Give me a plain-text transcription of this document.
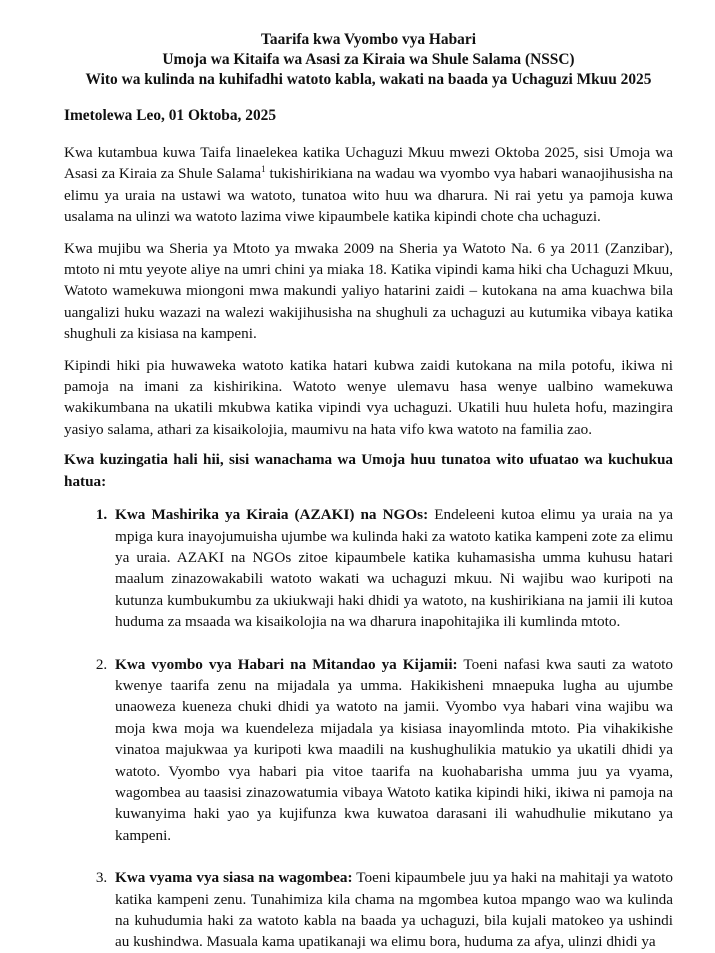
Taarifa kwa Vyombo vya Habari
Umoja wa Kitaifa wa Asasi za Kiraia wa Shule Salama (NSSC)
Wito wa kulinda na kuhifadhi watoto kabla, wakati na baada ya Uchaguzi Mkuu 2025
Imetolewa Leo, 01 Oktoba, 2025

Kwa kutambua kuwa Taifa linaelekea katika Uchaguzi Mkuu mwezi Oktoba 2025, sisi Umoja wa Asasi za Kiraia za Shule Salama$^1$ tukishirikiana na wadau wa vyombo vya habari wanaojihusisha na elimu ya uraia na ustawi wa watoto, tunatoa wito huu wa dharura. Ni rai yetu ya pamoja kuwa usalama na ulinzi wa watoto lazima viwe kipaumbele katika kipindi chote cha uchaguzi.

Kwa mujibu wa Sheria ya Mtoto ya mwaka 2009 na Sheria ya Watoto Na. 6 ya 2011 (Zanzibar), mtoto ni mtu yeyote aliye na umri chini ya miaka 18. Katika vipindi kama hiki cha Uchaguzi Mkuu, Watoto wamekuwa miongoni mwa makundi yaliyo hatarini zaidi – kutokana na ama kuachwa bila uangalizi huku wazazi na walezi wakijihusisha na shughuli za uchaguzi au kutumika vibaya katika shughuli za kisiasa na kampeni.

Kipindi hiki pia huwaweka watoto katika hatari kubwa zaidi kutokana na mila potofu, ikiwa ni pamoja na imani za kishirikina. Watoto wenye ulemavu hasa wenye ualbino wamekuwa wakikumbana na ukatili mkubwa katika vipindi vya uchaguzi. Ukatili huu huleta hofu, mazingira yasiyo salama, athari za kisaikolojia, maumivu na hata vifo kwa watoto na familia zao.

Kwa kuzingatia hali hii, sisi wanachama wa Umoja huu tunatoa wito ufuatao wa kuchukua hatua:

1. Kwa Mashirika ya Kiraia (AZAKI) na NGOs: Endeleeni kutoa elimu ya uraia na ya mpiga kura inayojumuisha ujumbe wa kulinda haki za watoto katika kampeni zote za elimu ya uraia. AZAKI na NGOs zitoe kipaumbele katika kuhamasisha umma kuhusu hatari maalum zinazowakabili watoto wakati wa uchaguzi mkuu. Ni wajibu wao kuripoti na kutunza kumbukumbu za ukiukwaji haki dhidi ya watoto, na kushirikiana na jamii ili kutoa huduma za msaada wa kisaikolojia na wa dharura inapohitajika ili kumlinda mtoto.
2. Kwa vyombo vya Habari na Mitandao ya Kijamii: Toeni nafasi kwa sauti za watoto kwenye taarifa zenu na mijadala ya umma. Hakikisheni mnaepuka lugha au ujumbe unaoweza kueneza chuki dhidi ya watoto na jamii. Vyombo vya habari vina wajibu wa moja kwa moja wa kuendeleza mijadala ya kisiasa inayomlinda mtoto. Pia vihakikishe vinatoa majukwaa ya kuripoti kwa maadili na kushughulikia matukio ya ukatili dhidi ya watoto. Vyombo vya habari pia vitoe taarifa na kuohabarisha umma juu ya vyama, wagombea au taasisi zinazowatumia vibaya Watoto katika kipindi hiki, ikiwa ni pamoja na kuwanyima haki yao ya kujifunza kwa kuwatoa darasani ili wahudhulie mikutano ya kampeni.
3. Kwa vyama vya siasa na wagombea: Toeni kipaumbele juu ya haki na mahitaji ya watoto katika kampeni zenu. Tunahimiza kila chama na mgombea kutoa mpango wao wa kulinda na kuhudumia haki za watoto kabla na baada ya uchaguzi, bila kujali matokeo ya ushindi au kushindwa. Masuala kama upatikanaji wa elimu bora, huduma za afya, ulinzi dhidi ya
